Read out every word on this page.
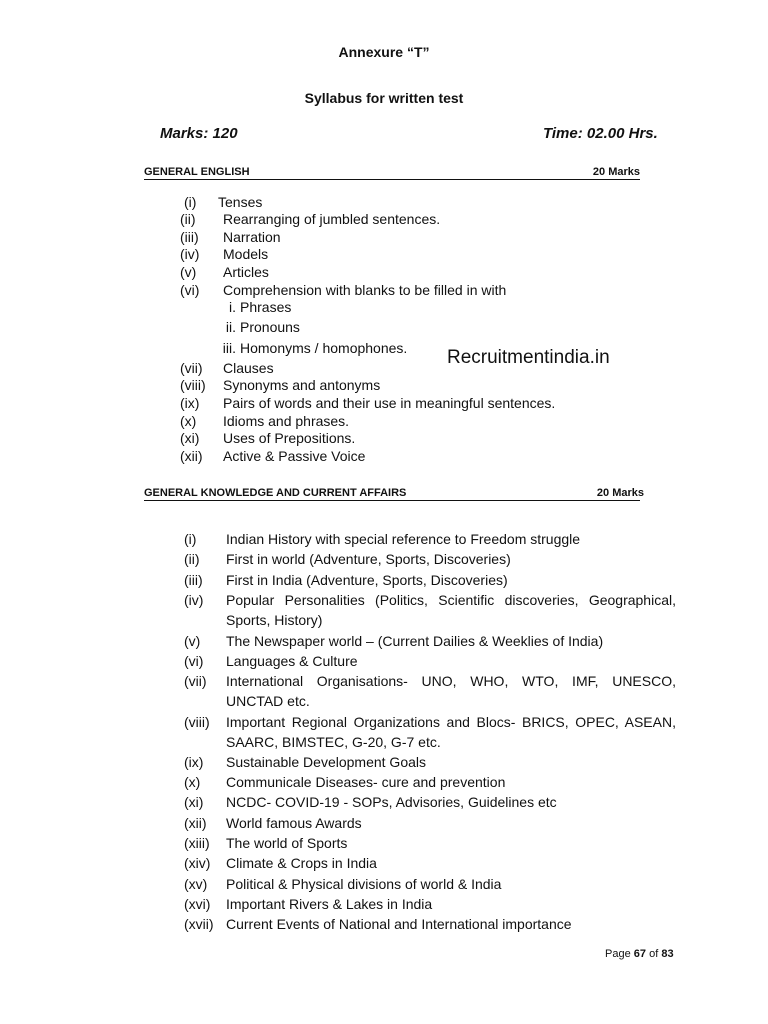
Annexure “T”
Syllabus for written test
Marks: 120	Time: 02.00 Hrs.
GENERAL ENGLISH	20 Marks
(i) Tenses
(ii) Rearranging of jumbled sentences.
(iii) Narration
(iv) Models
(v) Articles
(vi) Comprehension with blanks to be filled in with
i. Phrases
ii. Pronouns
iii. Homonyms / homophones.
(vii) Clauses
(viii) Synonyms and antonyms
(ix) Pairs of words and their use in meaningful sentences.
(x) Idioms and phrases.
(xi) Uses of Prepositions.
(xii) Active & Passive Voice
Recruitmentindia.in
GENERAL KNOWLEDGE AND CURRENT AFFAIRS	20 Marks
(i) Indian History with special reference to Freedom struggle
(ii) First in world (Adventure, Sports, Discoveries)
(iii) First in India (Adventure, Sports, Discoveries)
(iv) Popular Personalities (Politics, Scientific discoveries, Geographical, Sports, History)
(v) The Newspaper world – (Current Dailies & Weeklies of India)
(vi) Languages & Culture
(vii) International Organisations- UNO, WHO, WTO, IMF, UNESCO, UNCTAD etc.
(viii) Important Regional Organizations and Blocs- BRICS, OPEC, ASEAN, SAARC, BIMSTEC, G-20, G-7 etc.
(ix) Sustainable Development Goals
(x) Communicale Diseases- cure and prevention
(xi) NCDC- COVID-19 - SOPs, Advisories, Guidelines etc
(xii) World famous Awards
(xiii) The world of Sports
(xiv) Climate & Crops in India
(xv) Political & Physical divisions of world & India
(xvi) Important Rivers & Lakes in India
(xvii) Current Events of National and International importance
Page 67 of 83
